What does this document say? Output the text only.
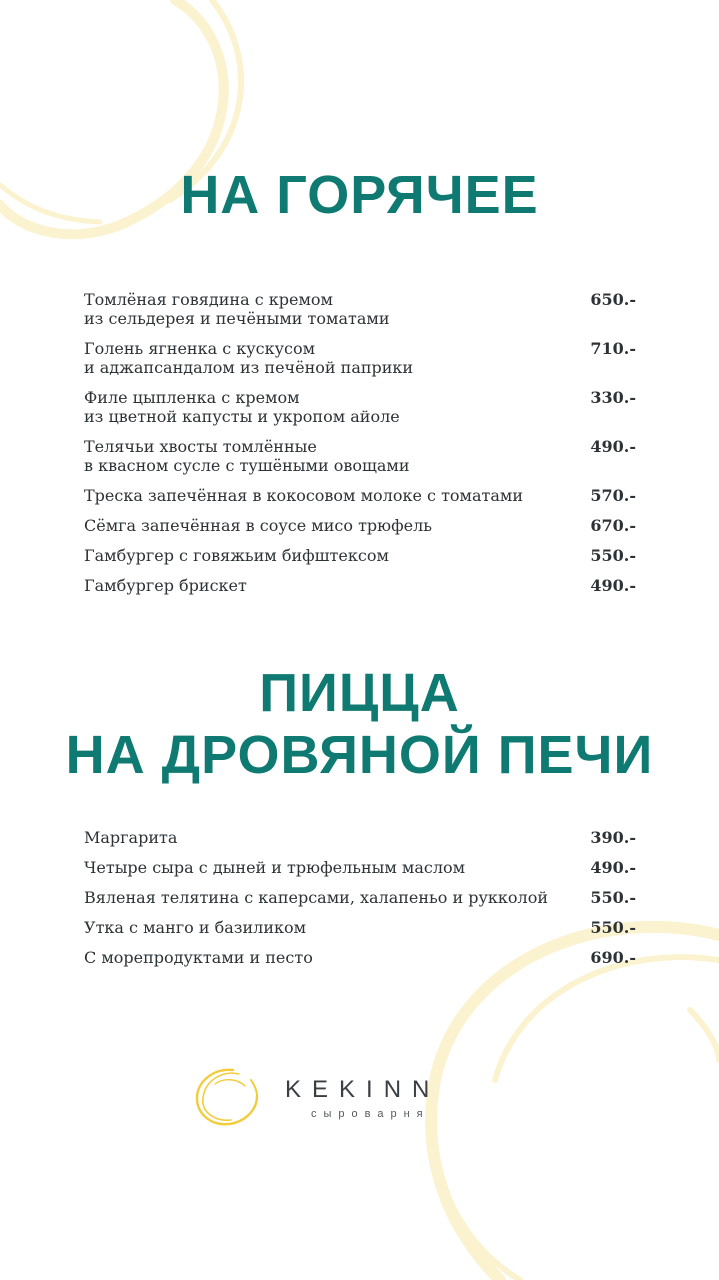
НА ГОРЯЧЕЕ
Томлёная говядина с кремом
из сельдерея и печёными томатами
650.-
Голень ягненка с кускусом
и аджапсандалом из печёной паприки
710.-
Филе цыпленка с кремом
из цветной капусты и укропом айоле
330.-
Телячьи хвосты томлённые
в квасном сусле с тушёными овощами
490.-
Треска запечённая в кокосовом молоке с томатами	570.-
Сёмга запечённая в соусе мисо трюфель	670.-
Гамбургер с говяжьим бифштексом	550.-
Гамбургер брискет	490.-
ПИЦЦА
НА ДРОВЯНОЙ ПЕЧИ
Маргарита	390.-
Четыре сыра с дыней и трюфельным маслом	490.-
Вяленая телятина с каперсами, халапеньо и рукколой	550.-
Утка с манго и базиликом	550.-
С морепродуктами и песто	690.-
KEKINN
сыроварня
